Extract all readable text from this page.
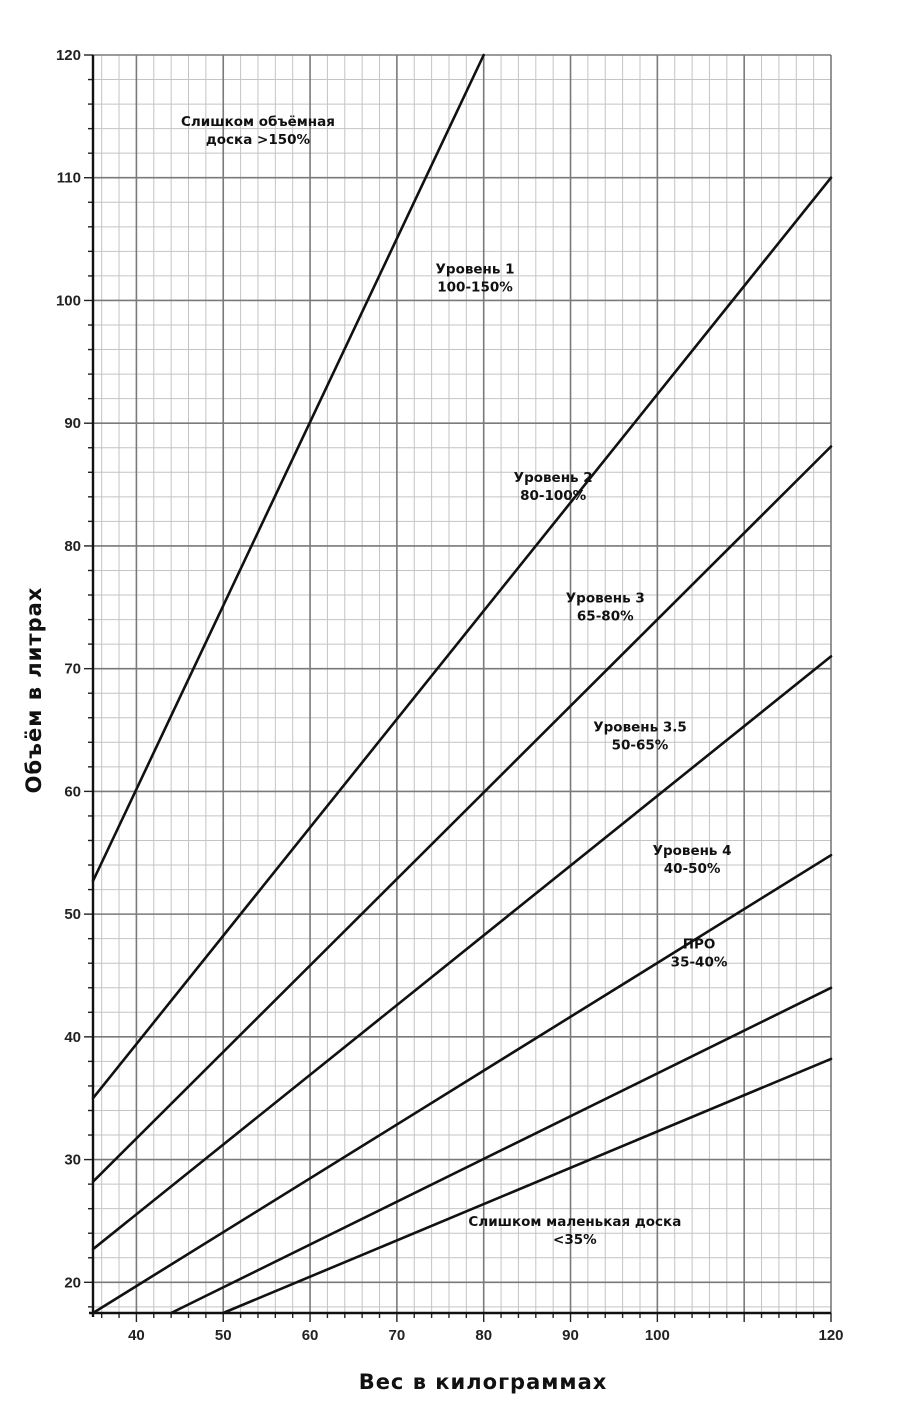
40	50	60	70	80	90	100	120
20
30
40
50
60
70
80
90
100
110
120
Слишком объёмная доска >150%
Уровень 1 100-150%
Уровень 2 80-100%
Уровень 3 65-80%
Уровень 3.5 50-65%
Уровень 4 40-50%
ПРО 35-40%
Слишком маленькая доска <35%
Вес в килограммах
Объём в литрах
